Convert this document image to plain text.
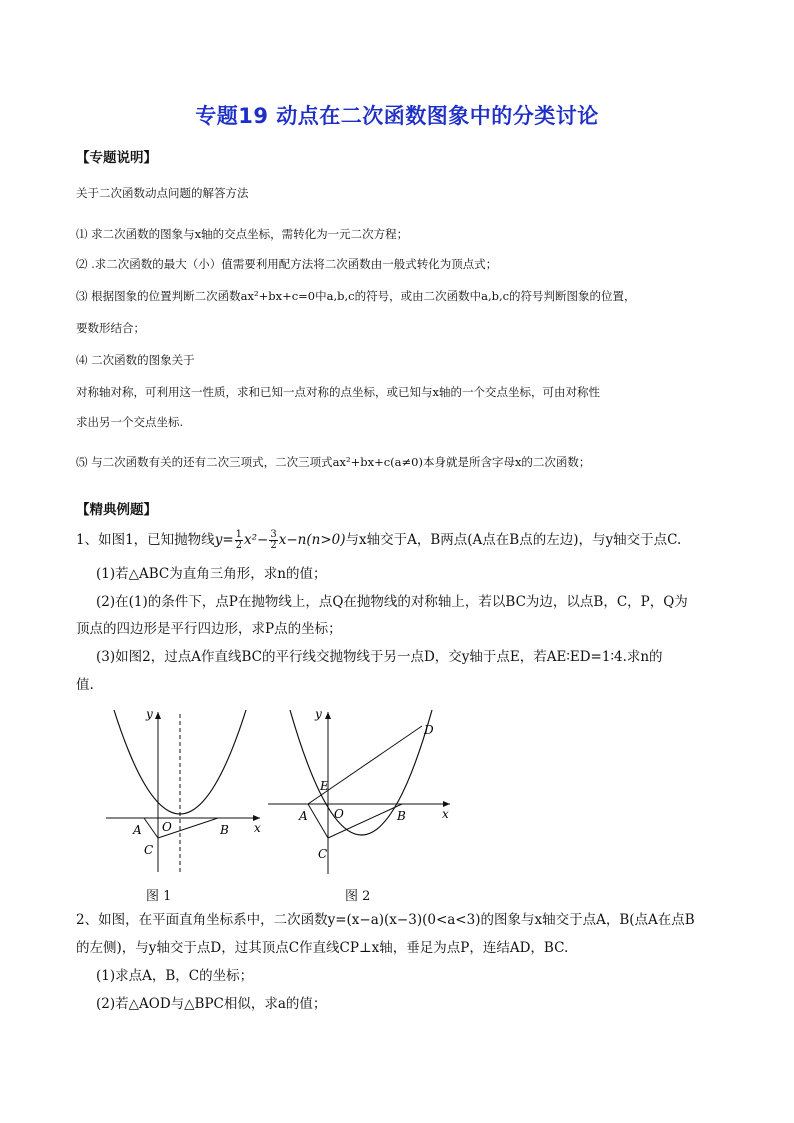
专题19 动点在二次函数图象中的分类讨论
【专题说明】
关于二次函数动点问题的解答方法
⑴ 求二次函数的图象与x轴的交点坐标，需转化为一元二次方程；
⑵ .求二次函数的最大（小）值需要利用配方法将二次函数由一般式转化为顶点式；
⑶ 根据图象的位置判断二次函数ax²+bx+c=0中a,b,c的符号，或由二次函数中a,b,c的符号判断图象的位置，
要数形结合；
⑷ 二次函数的图象关于
对称轴对称，可利用这一性质，求和已知一点对称的点坐标，或已知与x轴的一个交点坐标，可由对称性
求出另一个交点坐标.
⑸ 与二次函数有关的还有二次三项式，二次三项式ax²+bx+c(a≠0)本身就是所含字母x的二次函数；
【精典例题】
1、如图1，已知抛物线$y= \frac{1}{2} x^2- \frac{3}{2} x-n(n>0)$与x轴交于A，B两点(A点在B点的左边)，与y轴交于点C.
(1)若△ABC为直角三角形，求n的值；
(2)在(1)的条件下，点P在抛物线上，点Q在抛物线的对称轴上，若以BC为边，以点B，C，P，Q为
顶点的四边形是平行四边形，求P点的坐标；
(3)如图2，过点A作直线BC的平行线交抛物线于另一点D，交y轴于点E，若AE∶ED=1∶4.求n的
值.
y
x
A O	B
C
图 1
y
x
A O	B
C
D
E
图 2
2、如图，在平面直角坐标系中，二次函数y=(x−a)(x−3)(0<a<3)的图象与x轴交于点A，B(点A在点B
的左侧)，与y轴交于点D，过其顶点C作直线CP⊥x轴，垂足为点P，连结AD，BC.
(1)求点A，B，C的坐标；
(2)若△AOD与△BPC相似，求a的值；
